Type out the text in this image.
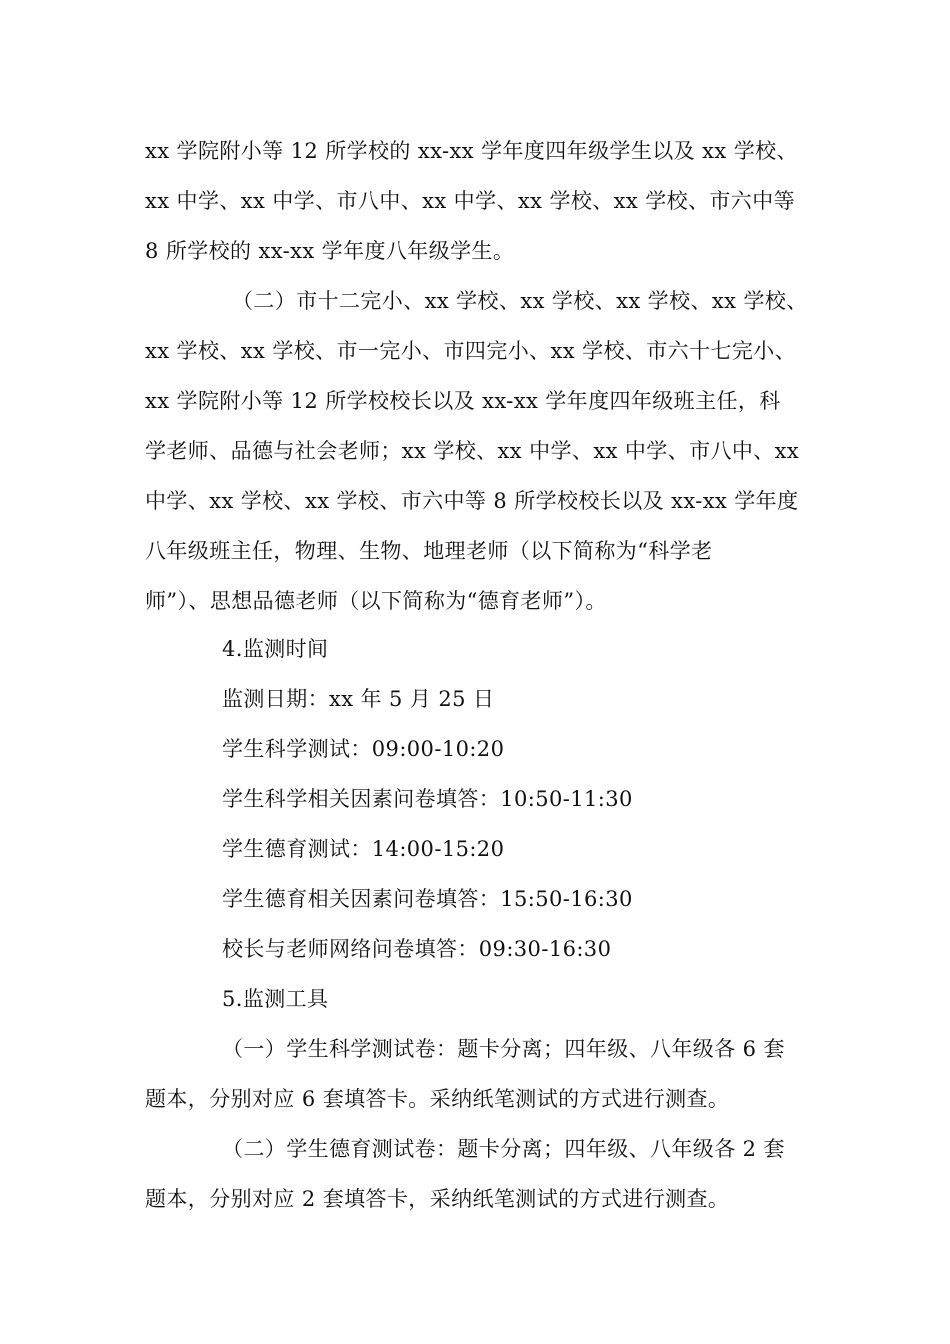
xx 学院附小等 12 所学校的 xx-xx 学年度四年级学生以及 xx 学校、
xx 中学、xx 中学、市八中、xx 中学、xx 学校、xx 学校、市六中等
8 所学校的 xx-xx 学年度八年级学生。
（二）市十二完小、xx 学校、xx 学校、xx 学校、xx 学校、
xx 学校、xx 学校、市一完小、市四完小、xx 学校、市六十七完小、
xx 学院附小等 12 所学校校长以及 xx-xx 学年度四年级班主任，科
学老师、品德与社会老师；xx 学校、xx 中学、xx 中学、市八中、xx
中学、xx 学校、xx 学校、市六中等 8 所学校校长以及 xx-xx 学年度
八年级班主任，物理、生物、地理老师（以下简称为“科学老
师”）、思想品德老师（以下简称为“德育老师”）。
4.监测时间
监测日期：xx 年 5 月 25 日
学生科学测试：09:00-10:20
学生科学相关因素问卷填答：10:50-11:30
学生德育测试：14:00-15:20
学生德育相关因素问卷填答：15:50-16:30
校长与老师网络问卷填答：09:30-16:30
5.监测工具
（一）学生科学测试卷：题卡分离；四年级、八年级各 6 套
题本，分别对应 6 套填答卡。采纳纸笔测试的方式进行测查。
（二）学生德育测试卷：题卡分离；四年级、八年级各 2 套
题本，分别对应 2 套填答卡，采纳纸笔测试的方式进行测查。
